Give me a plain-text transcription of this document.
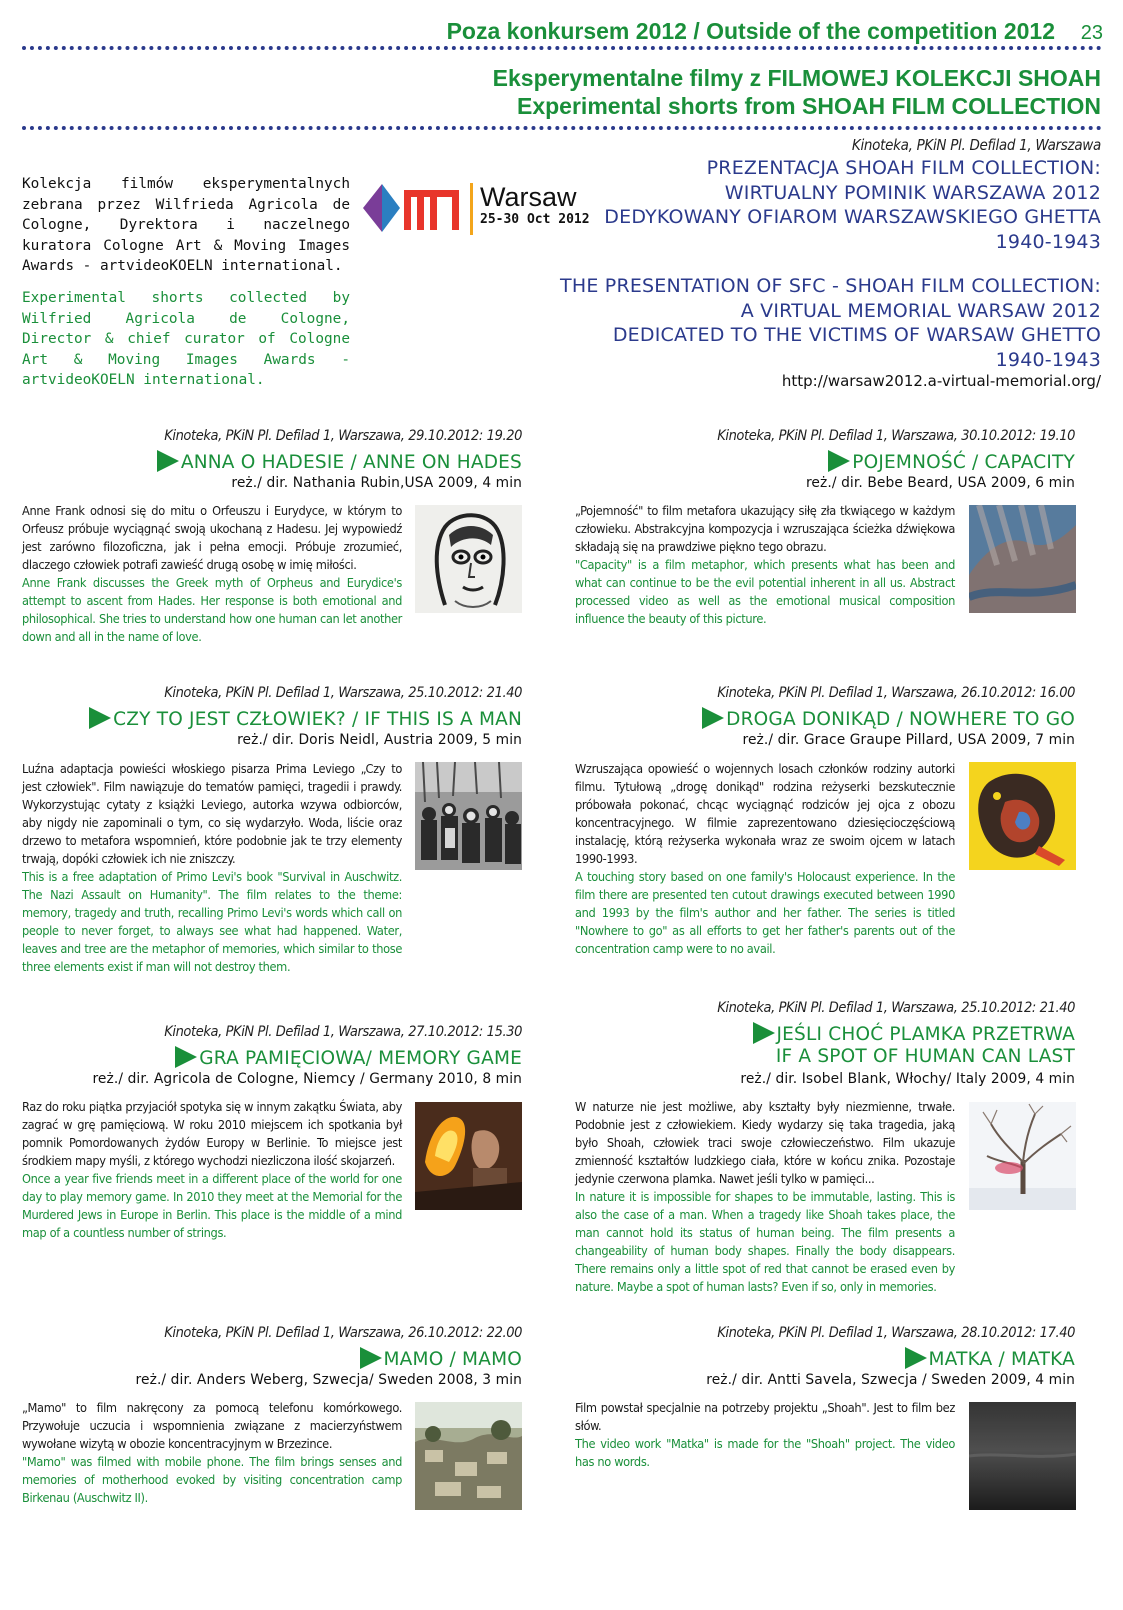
Poza konkursem 2012 / Outside of the competition 2012 23
Eksperymentalne filmy z FILMOWEJ KOLEKCJI SHOAH
Experimental shorts from SHOAH FILM COLLECTION
Kolekcja filmów eksperymentalnych zebrana przez Wilfrieda Agricola de Cologne, Dyrektora i naczelnego kuratora Cologne Art & Moving Images Awards - artvideoKOELN international.
Experimental shorts collected by Wilfried Agricola de Cologne, Director & chief curator of Cologne Art & Moving Images Awards - artvideoKOELN international.
Warsaw
25-30 Oct 2012
Kinoteka, PKiN Pl. Defilad 1, Warszawa
PREZENTACJA SHOAH FILM COLLECTION:
WIRTUALNY POMINIK WARSZAWA 2012
DEDYKOWANY OFIAROM WARSZAWSKIEGO GHETTA
1940-1943
THE PRESENTATION OF SFC - SHOAH FILM COLLECTION:
A VIRTUAL MEMORIAL WARSAW 2012
DEDICATED TO THE VICTIMS OF WARSAW GHETTO
1940-1943
http://warsaw2012.a-virtual-memorial.org/
Kinoteka, PKiN Pl. Defilad 1, Warszawa, 29.10.2012: 19.20
ANNA O HADESIE / ANNE ON HADES
reż./ dir. Nathania Rubin,USA 2009, 4 min
Anne Frank odnosi się do mitu o Orfeuszu i Eurydyce, w którym to Orfeusz próbuje wyciągnąć swoją ukochaną z Hadesu. Jej wypowiedź jest zarówno filozoficzna, jak i pełna emocji. Próbuje zrozumieć, dlaczego człowiek potrafi zawieść drugą osobę w imię miłości.
Anne Frank discusses the Greek myth of Orpheus and Eurydice's attempt to ascent from Hades. Her response is both emotional and philosophical. She tries to understand how one human can let another down and all in the name of love.
Kinoteka, PKiN Pl. Defilad 1, Warszawa, 30.10.2012: 19.10
POJEMNOŚĆ / CAPACITY
reż./ dir. Bebe Beard, USA 2009, 6 min
„Pojemność" to film metafora ukazujący siłę zła tkwiącego w każdym człowieku. Abstrakcyjna kompozycja i wzruszająca ścieżka dźwiękowa składają się na prawdziwe piękno tego obrazu.
"Capacity" is a film metaphor, which presents what has been and what can continue to be the evil potential inherent in all us. Abstract processed video as well as the emotional musical composition influence the beauty of this picture.
Kinoteka, PKiN Pl. Defilad 1, Warszawa, 25.10.2012: 21.40
CZY TO JEST CZŁOWIEK? / IF THIS IS A MAN
reż./ dir. Doris Neidl, Austria 2009, 5 min
Luźna adaptacja powieści włoskiego pisarza Prima Leviego „Czy to jest człowiek". Film nawiązuje do tematów pamięci, tragedii i prawdy. Wykorzystując cytaty z książki Leviego, autorka wzywa odbiorców, aby nigdy nie zapominali o tym, co się wydarzyło. Woda, liście oraz drzewo to metafora wspomnień, które podobnie jak te trzy elementy trwają, dopóki człowiek ich nie zniszczy.
This is a free adaptation of Primo Levi's book "Survival in Auschwitz. The Nazi Assault on Humanity". The film relates to the theme: memory, tragedy and truth, recalling Primo Levi's words which call on people to never forget, to always see what had happened. Water, leaves and tree are the metaphor of memories, which similar to those three elements exist if man will not destroy them.
Kinoteka, PKiN Pl. Defilad 1, Warszawa, 26.10.2012: 16.00
DROGA DONIKĄD / NOWHERE TO GO
reż./ dir. Grace Graupe Pillard, USA 2009, 7 min
Wzruszająca opowieść o wojennych losach członków rodziny autorki filmu. Tytułową „drogę donikąd" rodzina reżyserki bezskutecznie próbowała pokonać, chcąc wyciągnąć rodziców jej ojca z obozu koncentracyjnego. W filmie zaprezentowano dziesięcioczęściową instalację, którą reżyserka wykonała wraz ze swoim ojcem w latach 1990-1993.
A touching story based on one family's Holocaust experience. In the film there are presented ten cutout drawings executed between 1990 and 1993 by the film's author and her father. The series is titled "Nowhere to go" as all efforts to get her father's parents out of the concentration camp were to no avail.
Kinoteka, PKiN Pl. Defilad 1, Warszawa, 27.10.2012: 15.30
GRA PAMIĘCIOWA/ MEMORY GAME
reż./ dir. Agricola de Cologne, Niemcy / Germany 2010, 8 min
Raz do roku piątka przyjaciół spotyka się w innym zakątku Świata, aby zagrać w grę pamięciową. W roku 2010 miejscem ich spotkania był pomnik Pomordowanych żydów Europy w Berlinie. To miejsce jest środkiem mapy myśli, z którego wychodzi niezliczona ilość skojarzeń.
Once a year five friends meet in a different place of the world for one day to play memory game. In 2010 they meet at the Memorial for the Murdered Jews in Europe in Berlin. This place is the middle of a mind map of a countless number of strings.
Kinoteka, PKiN Pl. Defilad 1, Warszawa, 25.10.2012: 21.40
JEŚLI CHOĆ PLAMKA PRZETRWA
IF A SPOT OF HUMAN CAN LAST
reż./ dir. Isobel Blank, Włochy/ Italy 2009, 4 min
W naturze nie jest możliwe, aby kształty były niezmienne, trwałe. Podobnie jest z człowiekiem. Kiedy wydarzy się taka tragedia, jaką było Shoah, człowiek traci swoje człowieczeństwo. Film ukazuje zmienność kształtów ludzkiego ciała, które w końcu znika. Pozostaje jedynie czerwona plamka. Nawet jeśli tylko w pamięci...
In nature it is impossible for shapes to be immutable, lasting. This is also the case of a man. When a tragedy like Shoah takes place, the man cannot hold its status of human being. The film presents a changeability of human body shapes. Finally the body disappears. There remains only a little spot of red that cannot be erased even by nature. Maybe a spot of human lasts? Even if so, only in memories.
Kinoteka, PKiN Pl. Defilad 1, Warszawa, 26.10.2012: 22.00
MAMO / MAMO
reż./ dir. Anders Weberg, Szwecja/ Sweden 2008, 3 min
„Mamo" to film nakręcony za pomocą telefonu komórkowego. Przywołuje uczucia i wspomnienia związane z macierzyństwem wywołane wizytą w obozie koncentracyjnym w Brzezince.
"Mamo" was filmed with mobile phone. The film brings senses and memories of motherhood evoked by visiting concentration camp Birkenau (Auschwitz II).
Kinoteka, PKiN Pl. Defilad 1, Warszawa, 28.10.2012: 17.40
MATKA / MATKA
reż./ dir. Antti Savela, Szwecja / Sweden 2009, 4 min
Film powstał specjalnie na potrzeby projektu „Shoah". Jest to film bez słów.
The video work "Matka" is made for the "Shoah" project. The video has no words.
